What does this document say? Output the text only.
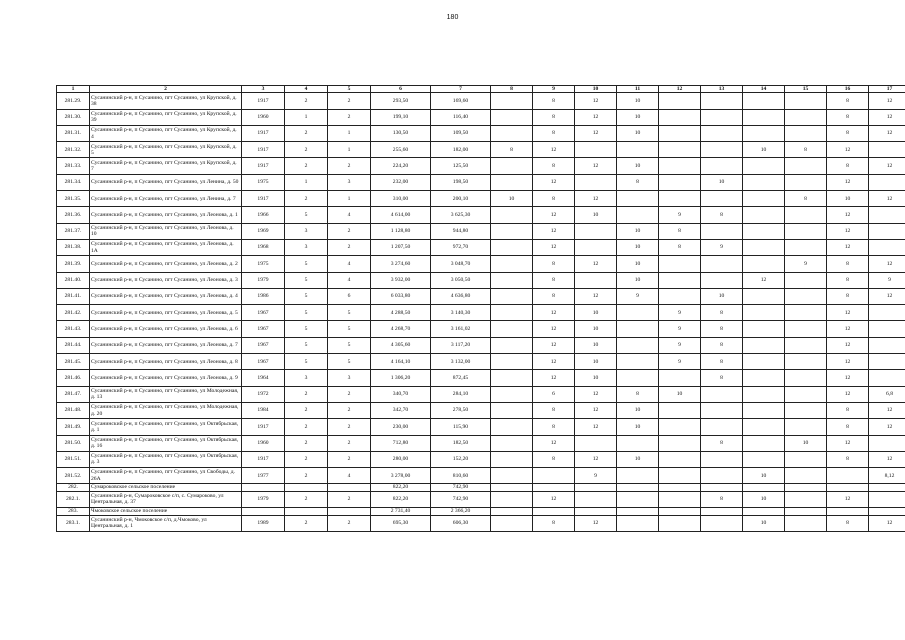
180
1	2	3	4	5	6	7	8	9	10	11	12	13	14	15	16	17
281.29.	Сусанинский р-н, п Сусанино, пгт Сусанино, ул Крупской, д. 38	1917	2	2	293,50	169,60		8	12	10					8	12
281.30.	Сусанинский р-н, п Сусанино, пгт Сусанино, ул Крупской, д. 39	1960	1	2	199,10	116,40		8	12	10					8	12
281.31.	Сусанинский р-н, п Сусанино, пгт Сусанино, ул Крупской, д. 4	1917	2	1	130,50	109,50		8	12	10					8	12
281.32.	Сусанинский р-н, п Сусанино, пгт Сусанино, ул Крупской, д. 5	1917	2	1	255,60	182,00	8	12					10	8	12	
281.33.	Сусанинский р-н, п Сусанино, пгт Сусанино, ул Крупской, д. 7	1917	2	2	224,20	125,50		8	12	10					8	12
281.34.	Сусанинский р-н, п Сусанино, пгт Сусанино, ул Ленина, д. 50	1975	1	3	232,00	198,50		12		8		10			12	
281.35.	Сусанинский р-н, п Сусанино, пгт Сусанино, ул Ленина, д. 7	1917	2	1	310,00	200,10	10	8	12					8	10	12
281.36.	Сусанинский р-н, п Сусанино, пгт Сусанино, ул Леонова, д. 1	1966	5	4	4 614,00	3 625,30		12	10		9	8			12	
281.37.	Сусанинский р-н, п Сусанино, пгт Сусанино, ул Леонова, д. 10	1969	3	2	1 128,80	944,80		12		10	8				12	
281.38.	Сусанинский р-н, п Сусанино, пгт Сусанино, ул Леонова, д. 1А	1968	3	2	1 207,50	972,70		12		10	8	9			12	
281.39.	Сусанинский р-н, п Сусанино, пгт Сусанино, ул Леонова, д. 2	1975	5	4	3 274,60	3 048,70		8	12	10				9	8	12
281.40.	Сусанинский р-н, п Сусанино, пгт Сусанино, ул Леонова, д. 3	1979	5	4	3 932,00	3 050,50		8		10			12		8	9
281.41.	Сусанинский р-н, п Сусанино, пгт Сусанино, ул Леонова, д. 4	1986	5	6	6 033,80	4 636,80		8	12	9		10			8	12
281.42.	Сусанинский р-н, п Сусанино, пгт Сусанино, ул Леонова, д. 5	1967	5	5	4 288,50	3 140,30		12	10		9	8			12	
281.43.	Сусанинский р-н, п Сусанино, пгт Сусанино, ул Леонова, д. 6	1967	5	5	4 268,70	3 161,02		12	10		9	8			12	
281.44.	Сусанинский р-н, п Сусанино, пгт Сусанино, ул Леонова, д. 7	1967	5	5	4 305,60	3 117,20		12	10		9	8			12	
281.45.	Сусанинский р-н, п Сусанино, пгт Сусанино, ул Леонова, д. 8	1967	5	5	4 164,10	3 132,00		12	10		9	8			12	
281.46.	Сусанинский р-н, п Сусанино, пгт Сусанино, ул Леонова, д. 9	1964	3	3	1 306,20	872,45		12	10			8			12	
281.47.	Сусанинский р-н, п Сусанино, пгт Сусанино, ул Молодежная, д. 13	1972	2	2	340,70	284,10		6	12	8	10				12	6,8
281.48.	Сусанинский р-н, п Сусанино, пгт Сусанино, ул Молодежная, д. 20	1984	2	2	342,70	278,50		8	12	10					8	12
281.49.	Сусанинский р-н, п Сусанино, пгт Сусанино, ул Октябрьская, д. 1	1917	2	2	230,00	115,90		8	12	10					8	12
281.50.	Сусанинский р-н, п Сусанино, пгт Сусанино, ул Октябрьская, д. 16	1960	2	2	712,80	182,50		12				8		10	12	
281.51.	Сусанинский р-н, п Сусанино, пгт Сусанино, ул Октябрьская, д. 3	1917	2	2	280,00	152,20		8	12	10					8	12
281.52.	Сусанинский р-н, п Сусанино, пгт Сусанино, ул Свободы, д. 26А	1977	2	4	3 278,00	810,60			9				10			8,12
282.	Сумароковское сельское поселение				822,20	742,90										
282.1.	Сусанинский р-н, Сумароковское с/п, с. Сумароково, ул Центральная, д. 37	1979	2	2	822,20	742,90		12				8	10		12	
283.	Чмоковское сельское поселение				2 731,40	2 366,20										
283.1.	Сусанинский р-н, Чмоковское с/п, д.Чмоково, ул Центральная, д. 1	1989	2	2	695,30	606,30		8	12				10		8	12
